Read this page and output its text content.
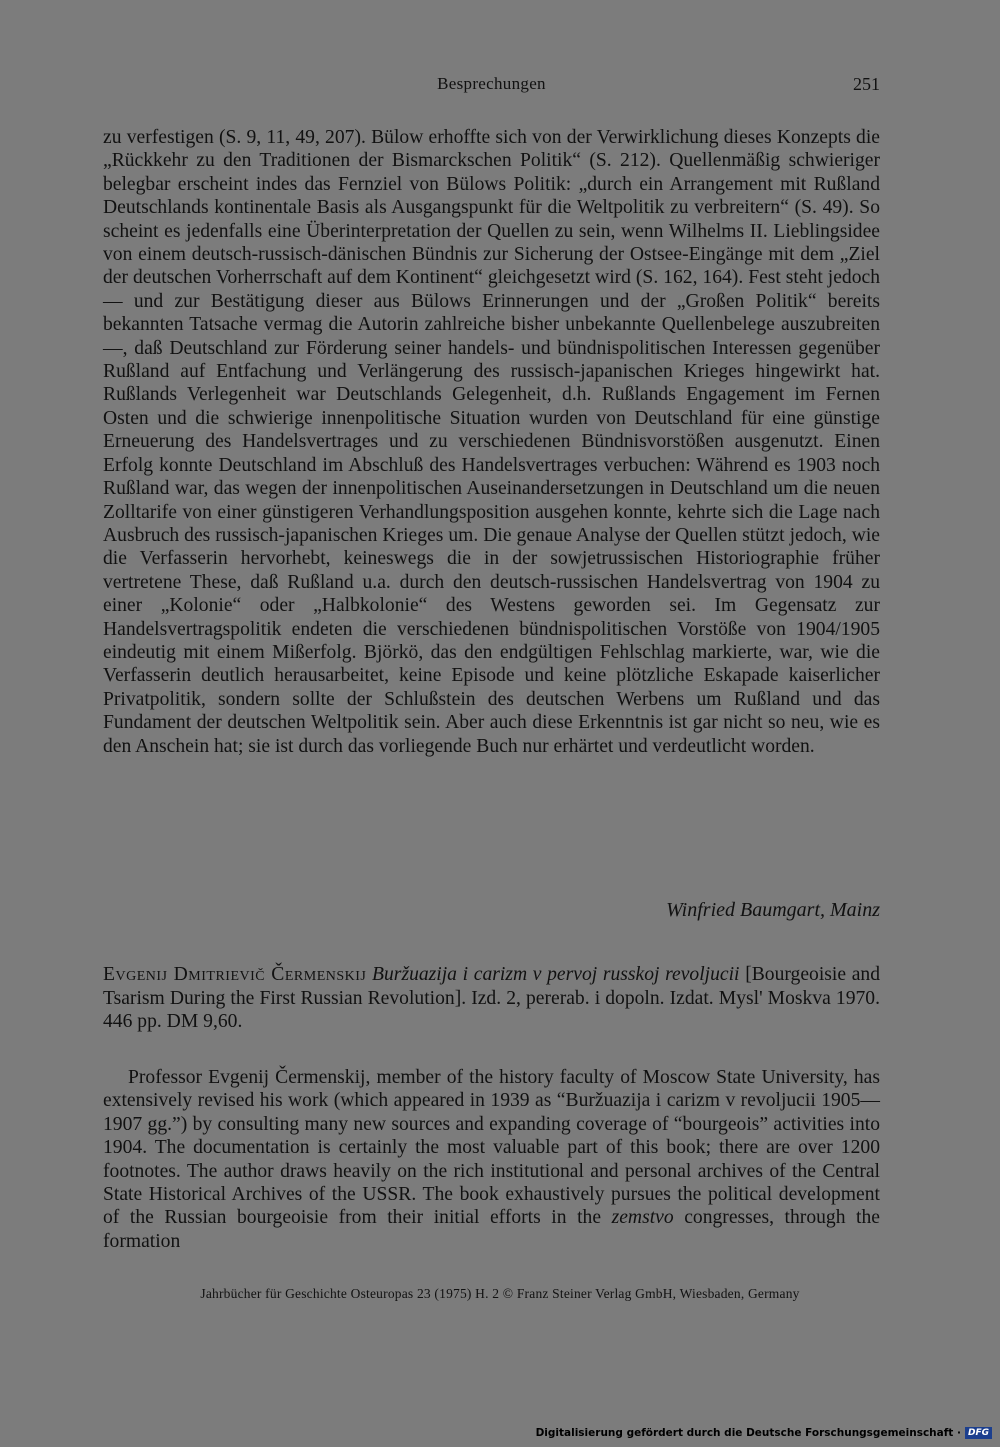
Besprechungen	251

zu verfestigen (S. 9, 11, 49, 207). Bülow erhoffte sich von der Verwirklichung dieses Konzepts die „Rückkehr zu den Traditionen der Bismarckschen Politik“ (S. 212). Quellenmäßig schwieriger belegbar erscheint indes das Fernziel von Bülows Politik: „durch ein Arrangement mit Rußland Deutschlands kontinentale Basis als Ausgangspunkt für die Weltpolitik zu verbreitern“ (S. 49). So scheint es jedenfalls eine Überinterpretation der Quellen zu sein, wenn Wilhelms II. Lieblingsidee von einem deutsch-russisch-dänischen Bündnis zur Sicherung der Ostsee-Eingänge mit dem „Ziel der deutschen Vorherrschaft auf dem Kontinent“ gleichgesetzt wird (S. 162, 164). Fest steht jedoch — und zur Bestätigung dieser aus Bülows Erinnerungen und der „Großen Politik“ bereits bekannten Tatsache vermag die Autorin zahlreiche bisher unbekannte Quellenbelege auszubreiten —, daß Deutschland zur Förderung seiner handels- und bündnispolitischen Interessen gegenüber Rußland auf Entfachung und Verlängerung des russisch-japanischen Krieges hingewirkt hat. Rußlands Verlegenheit war Deutschlands Gelegenheit, d.h. Rußlands Engagement im Fernen Osten und die schwierige innenpolitische Situation wurden von Deutschland für eine günstige Erneuerung des Handelsvertrages und zu verschiedenen Bündnisvorstößen ausgenutzt. Einen Erfolg konnte Deutschland im Abschluß des Handelsvertrages verbuchen: Während es 1903 noch Rußland war, das wegen der innenpolitischen Auseinandersetzungen in Deutschland um die neuen Zolltarife von einer günstigeren Verhandlungsposition ausgehen konnte, kehrte sich die Lage nach Ausbruch des russisch-japanischen Krieges um. Die genaue Analyse der Quellen stützt jedoch, wie die Verfasserin hervorhebt, keineswegs die in der sowjetrussischen Historiographie früher vertretene These, daß Rußland u.a. durch den deutsch-russischen Handelsvertrag von 1904 zu einer „Kolonie“ oder „Halbkolonie“ des Westens geworden sei. Im Gegensatz zur Handelsvertragspolitik endeten die verschiedenen bündnispolitischen Vorstöße von 1904/1905 eindeutig mit einem Mißerfolg. Björkö, das den endgültigen Fehlschlag markierte, war, wie die Verfasserin deutlich herausarbeitet, keine Episode und keine plötzliche Eskapade kaiserlicher Privatpolitik, sondern sollte der Schlußstein des deutschen Werbens um Rußland und das Fundament der deutschen Weltpolitik sein. Aber auch diese Erkenntnis ist gar nicht so neu, wie es den Anschein hat; sie ist durch das vorliegende Buch nur erhärtet und verdeutlicht worden.

Winfried Baumgart, Mainz
Evgenij Dmitrievič Čermenskij Buržuazija i carizm v pervoj russkoj revoljucii [Bourgeoisie and Tsarism During the First Russian Revolution]. Izd. 2, pererab. i dopoln. Izdat. Mysl' Moskva 1970. 446 pp. DM 9,60.

Professor Evgenij Čermenskij, member of the history faculty of Moscow State University, has extensively revised his work (which appeared in 1939 as “Buržuazija i carizm v revoljucii 1905—1907 gg.”) by consulting many new sources and expanding coverage of “bourgeois” activities into 1904. The documentation is certainly the most valuable part of this book; there are over 1200 footnotes. The author draws heavily on the rich institutional and personal archives of the Central State Historical Archives of the USSR. The book exhaustively pursues the political development of the Russian bourgeoisie from their initial efforts in the zemstvo congresses, through the formation

Jahrbücher für Geschichte Osteuropas 23 (1975) H. 2 © Franz Steiner Verlag GmbH, Wiesbaden, Germany
Digitalisierung gefördert durch die Deutsche Forschungsgemeinschaft · DFG
